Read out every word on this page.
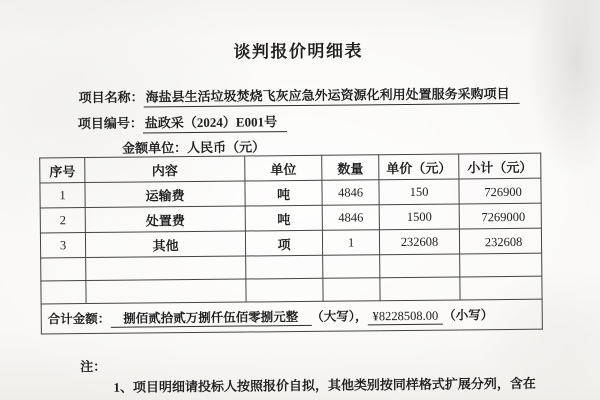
谈判报价明细表
项目名称： 海盐县生活垃圾焚烧飞灰应急外运资源化利用处置服务采购项目
项目编号： 盐政采（2024）E001号
金额单位：人民币（元）
序号	内容	单位	数量	单价（元）	小计（元）
1	运输费	吨	4846	150	726900
2	处置费	吨	4846	1500	7269000
3	其他	项	1	232608	232608

合计金额： 捌佰贰拾贰万捌仟伍佰零捌元整 （大写）， ¥8228508.00 （小写）					
注：
1、项目明细请投标人按照报价自拟，其他类别按同样格式扩展分列，含在
